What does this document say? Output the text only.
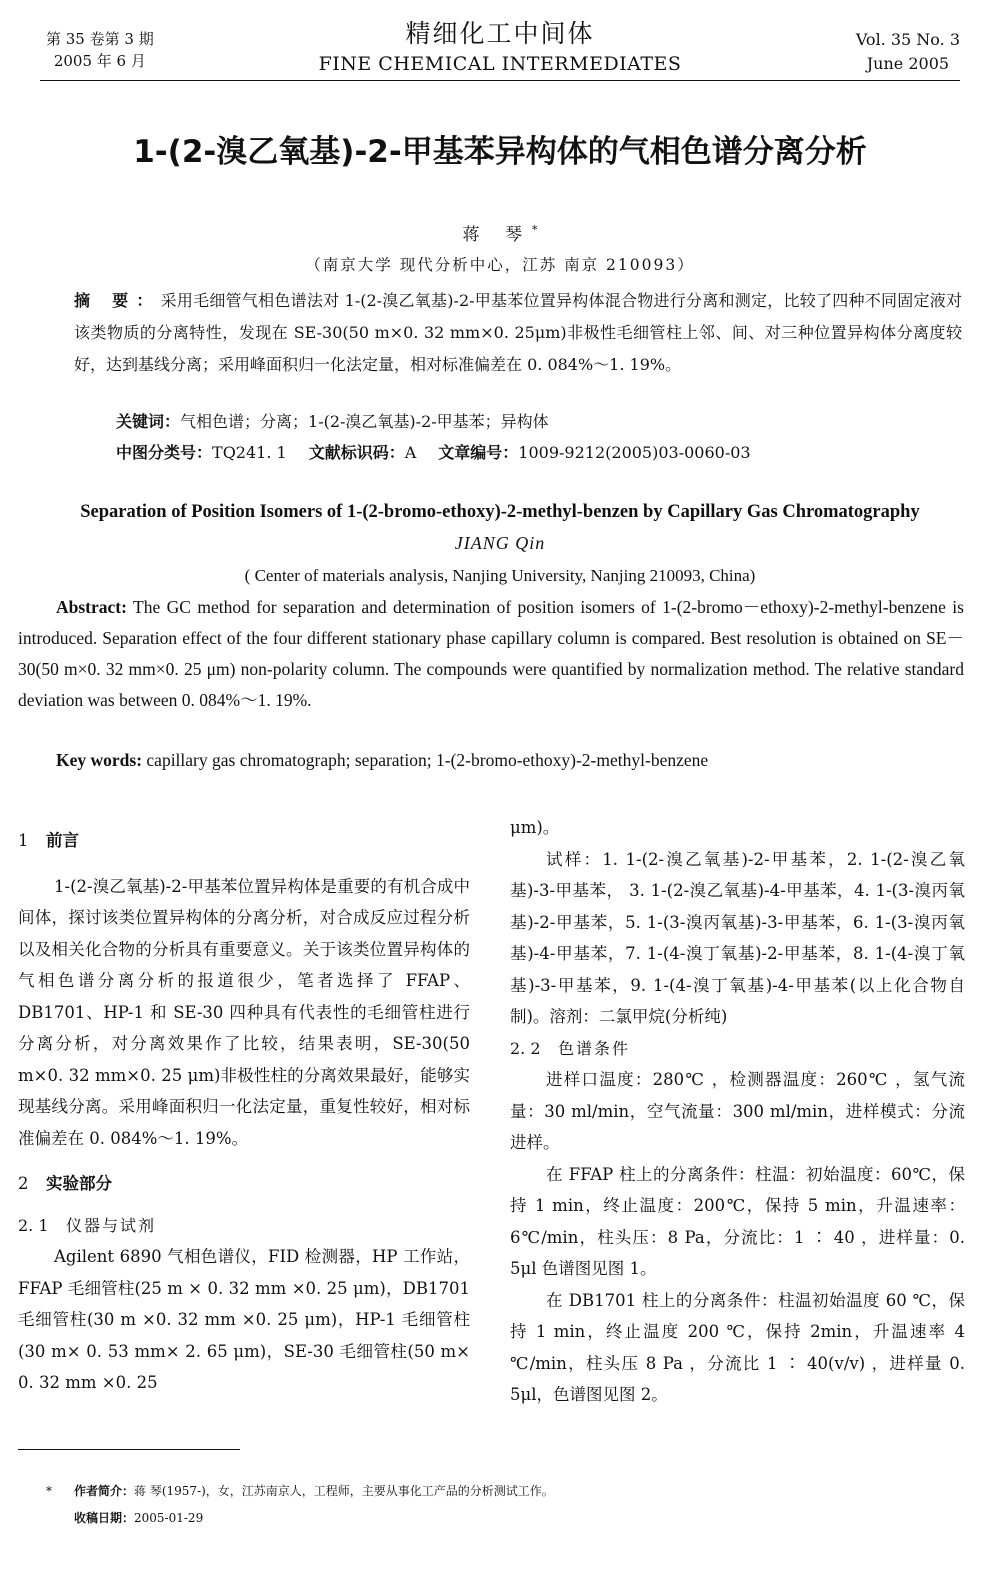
第 35 卷第 3 期
2005 年 6 月
精细化工中间体
FINE CHEMICAL INTERMEDIATES
Vol. 35 No. 3
June 2005
1-(2-溴乙氧基)-2-甲基苯异构体的气相色谱分离分析
蒋 琴*
（南京大学 现代分析中心，江苏 南京 210093）
摘 要：采用毛细管气相色谱法对 1-(2-溴乙氧基)-2-甲基苯位置异构体混合物进行分离和测定，比较了四种不同固定液对该类物质的分离特性，发现在 SE-30(50 m×0. 32 mm×0. 25μm)非极性毛细管柱上邻、间、对三种位置异构体分离度较好，达到基线分离；采用峰面积归一化法定量，相对标准偏差在 0. 084%～1. 19%。
关键词：气相色谱；分离；1-(2-溴乙氧基)-2-甲基苯；异构体
中图分类号：TQ241. 1 文献标识码：A 文章编号：1009-9212(2005)03-0060-03
Separation of Position Isomers of 1-(2-bromo-ethoxy)-2-methyl-benzen by Capillary Gas Chromatography
JIANG Qin
( Center of materials analysis, Nanjing University, Nanjing 210093, China)
Abstract: The GC method for separation and determination of position isomers of 1-(2-bromo－ethoxy)-2-methyl-benzene is introduced. Separation effect of the four different stationary phase capillary column is compared. Best resolution is obtained on SE－30(50 m×0. 32 mm×0. 25 μm) non-polarity column. The compounds were quantified by normalization method. The relative standard deviation was between 0. 084%～1. 19%.
Key words: capillary gas chromatograph; separation; 1-(2-bromo-ethoxy)-2-methyl-benzene
1 前言
1-(2-溴乙氧基)-2-甲基苯位置异构体是重要的有机合成中间体，探讨该类位置异构体的分离分析，对合成反应过程分析以及相关化合物的分析具有重要意义。关于该类位置异构体的气相色谱分离分析的报道很少，笔者选择了 FFAP、DB1701、HP-1 和 SE-30 四种具有代表性的毛细管柱进行分离分析，对分离效果作了比较，结果表明，SE-30(50 m×0. 32 mm×0. 25 μm)非极性柱的分离效果最好，能够实现基线分离。采用峰面积归一化法定量，重复性较好，相对标准偏差在 0. 084%～1. 19%。
2 实验部分
2. 1 仪器与试剂
Agilent 6890 气相色谱仪，FID 检测器，HP 工作站，FFAP 毛细管柱(25 m × 0. 32 mm ×0. 25 μm)，DB1701 毛细管柱(30 m ×0. 32 mm ×0. 25 μm)，HP-1 毛细管柱(30 m× 0. 53 mm× 2. 65 μm)，SE-30 毛细管柱(50 m× 0. 32 mm ×0. 25
μm)。
试样：1. 1-(2-溴乙氧基)-2-甲基苯，2. 1-(2-溴乙氧基)-3-甲基苯， 3. 1-(2-溴乙氧基)-4-甲基苯，4. 1-(3-溴丙氧基)-2-甲基苯，5. 1-(3-溴丙氧基)-3-甲基苯，6. 1-(3-溴丙氧基)-4-甲基苯，7. 1-(4-溴丁氧基)-2-甲基苯，8. 1-(4-溴丁氧基)-3-甲基苯，9. 1-(4-溴丁氧基)-4-甲基苯(以上化合物自制)。溶剂：二氯甲烷(分析纯)
2. 2 色谱条件
进样口温度：280℃ ，检测器温度：260℃ ，氢气流量：30 ml/min，空气流量：300 ml/min，进样模式：分流进样。
在 FFAP 柱上的分离条件：柱温：初始温度：60℃，保持 1 min，终止温度：200℃，保持 5 min，升温速率：6℃/min，柱头压：8 Pa，分流比：1 ∶ 40 ，进样量：0. 5μl 色谱图见图 1。
在 DB1701 柱上的分离条件：柱温初始温度 60 ℃，保持 1 min，终止温度 200 ℃，保持 2min，升温速率 4 ℃/min，柱头压 8 Pa ，分流比 1 ∶ 40(v/v) ，进样量 0. 5μl，色谱图见图 2。
* 作者简介：蒋 琴(1957-)，女，江苏南京人，工程师，主要从事化工产品的分析测试工作。
收稿日期：2005-01-29
